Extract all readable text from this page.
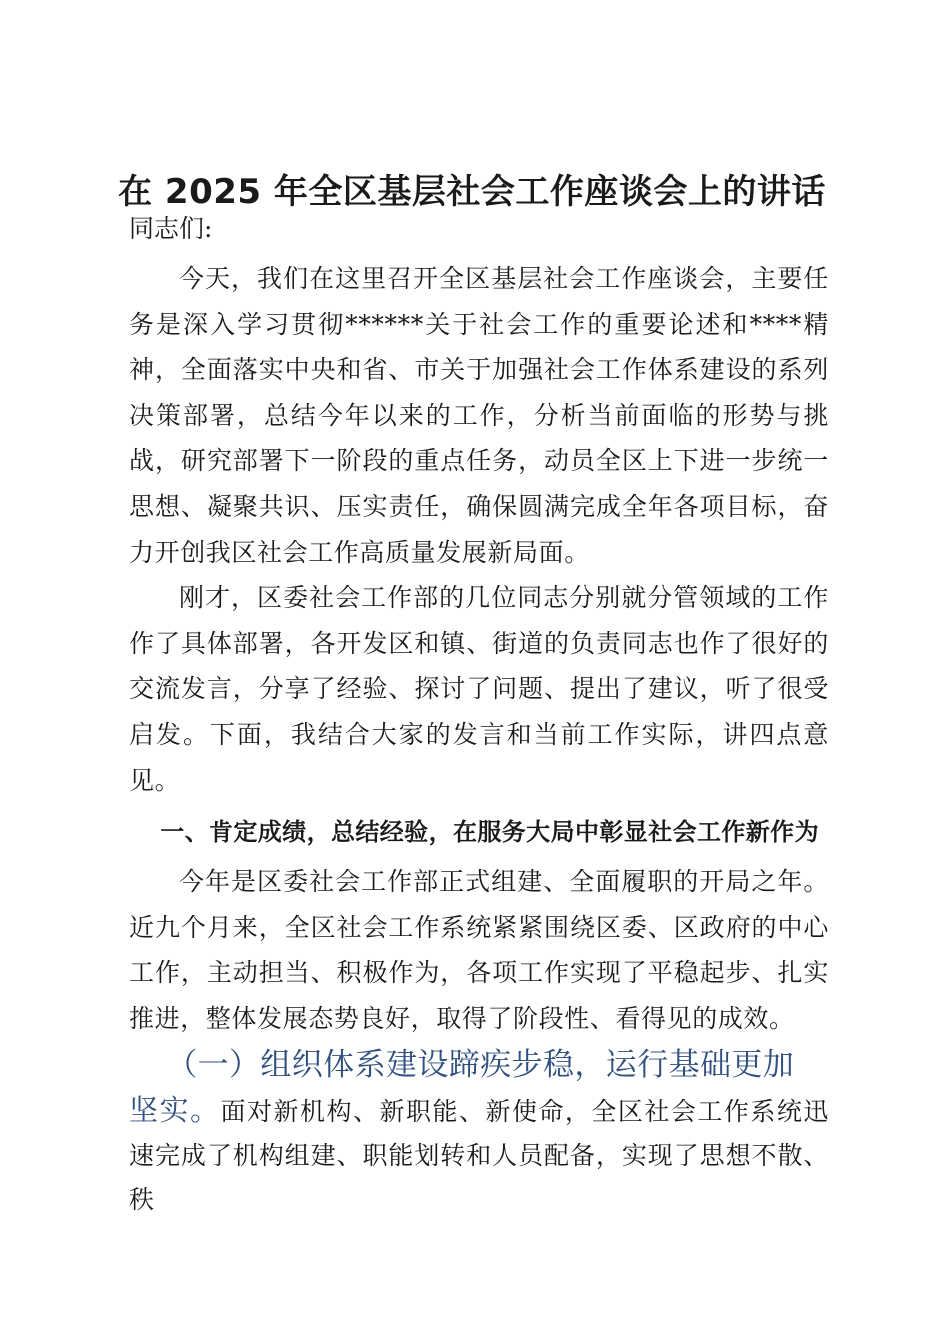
在 2025 年全区基层社会工作座谈会上的讲话
同志们:

今天，我们在这里召开全区基层社会工作座谈会，主要任务是深入学习贯彻******关于社会工作的重要论述和****精神，全面落实中央和省、市关于加强社会工作体系建设的系列决策部署，总结今年以来的工作，分析当前面临的形势与挑战，研究部署下一阶段的重点任务，动员全区上下进一步统一思想、凝聚共识、压实责任，确保圆满完成全年各项目标，奋力开创我区社会工作高质量发展新局面。

刚才，区委社会工作部的几位同志分别就分管领域的工作作了具体部署，各开发区和镇、街道的负责同志也作了很好的交流发言，分享了经验、探讨了问题、提出了建议，听了很受启发。下面，我结合大家的发言和当前工作实际，讲四点意见。

一、肯定成绩，总结经验，在服务大局中彰显社会工作新作为

今年是区委社会工作部正式组建、全面履职的开局之年。近九个月来，全区社会工作系统紧紧围绕区委、区政府的中心工作，主动担当、积极作为，各项工作实现了平稳起步、扎实推进，整体发展态势良好，取得了阶段性、看得见的成效。

（一）组织体系建设蹄疾步稳，运行基础更加
坚实。面对新机构、新职能、新使命，全区社会工作系统迅速完成了机构组建、职能划转和人员配备，实现了思想不散、秩
